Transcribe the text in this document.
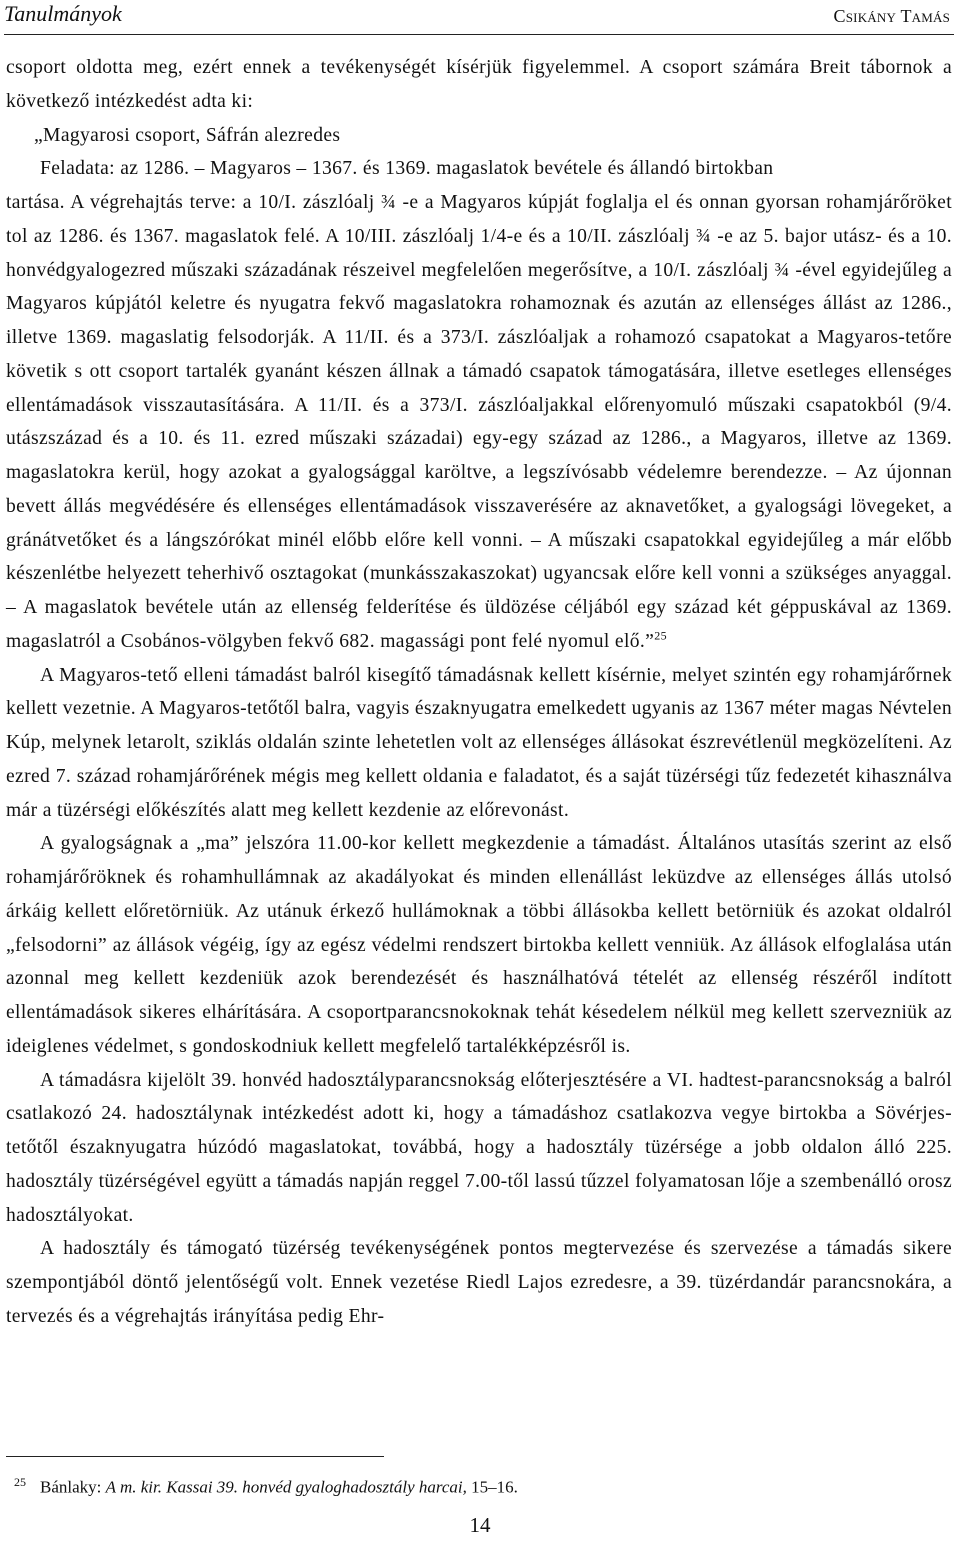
Tanulmányok	Csikány Tamás

csoport oldotta meg, ezért ennek a tevékenységét kísérjük figyelemmel. A csoport számára Breit tábornok a következő intézkedést adta ki:

„Magyarosi csoport, Sáfrán alezredes
Feladata: az 1286. – Magyaros – 1367. és 1369. magaslatok bevétele és állandó birtokban
tartása. A végrehajtás terve: a 10/I. zászlóalj ¾ -e a Magyaros kúpját foglalja el és onnan gyorsan rohamjárőröket tol az 1286. és 1367. magaslatok felé. A 10/III. zászlóalj 1/4-e és a 10/II. zászlóalj ¾ -e az 5. bajor utász- és a 10. honvédgyalogezred műszaki századának részeivel megfelelően megerősítve, a 10/I. zászlóalj ¾ -ével egyidejűleg a Magyaros kúpjától keletre és nyugatra fekvő magaslatokra rohamoznak és azután az ellenséges állást az 1286., illetve 1369. magaslatig felsodorják. A 11/II. és a 373/I. zászlóaljak a rohamozó csapatokat a Magyaros-tetőre követik s ott csoport tartalék gyanánt készen állnak a támadó csapatok támogatására, illetve esetleges ellenséges ellentámadások visszautasítására. A 11/II. és a 373/I. zászlóaljakkal előrenyomuló műszaki csapatokból (9/4. utászszázad és a 10. és 11. ezred műszaki századai) egy-egy század az 1286., a Magyaros, illetve az 1369. magaslatokra kerül, hogy azokat a gyalogsággal karöltve, a legszívósabb védelemre berendezze. – Az újonnan bevett állás megvédésére és ellenséges ellentámadások visszaverésére az aknavetőket, a gyalogsági lövegeket, a gránátvetőket és a lángszórókat minél előbb előre kell vonni. – A műszaki csapatokkal egyidejűleg a már előbb készenlétbe helyezett teherhivő osztagokat (munkásszakaszokat) ugyancsak előre kell vonni a szükséges anyaggal. – A magaslatok bevétele után az ellenség felderítése és üldözése céljából egy század két géppuskával az 1369. magaslatról a Csobános-völgyben fekvő 682. magassági pont felé nyomul elő.”$^{25}$

A Magyaros-tető elleni támadást balról kisegítő támadásnak kellett kísérnie, melyet szintén egy rohamjárőrnek kellett vezetnie. A Magyaros-tetőtől balra, vagyis északnyugatra emelkedett ugyanis az 1367 méter magas Névtelen Kúp, melynek letarolt, sziklás oldalán szinte lehetetlen volt az ellenséges állásokat észrevétlenül megközelíteni. Az ezred 7. század rohamjárőrének mégis meg kellett oldania e faladatot, és a saját tüzérségi tűz fedezetét kihasználva már a tüzérségi előkészítés alatt meg kellett kezdenie az előrevonást.

A gyalogságnak a „ma” jelszóra 11.00-kor kellett megkezdenie a támadást. Általános utasítás szerint az első rohamjárőröknek és rohamhullámnak az akadályokat és minden ellenállást leküzdve az ellenséges állás utolsó árkáig kellett előretörniük. Az utánuk érkező hullámoknak a többi állásokba kellett betörniük és azokat oldalról „felsodorni” az állások végéig, így az egész védelmi rendszert birtokba kellett venniük. Az állások elfoglalása után azonnal meg kellett kezdeniük azok berendezését és használhatóvá tételét az ellenség részéről indított ellentámadások sikeres elhárítására. A csoportparancsnokoknak tehát késedelem nélkül meg kellett szervezniük az ideiglenes védelmet, s gondoskodniuk kellett megfelelő tartalékképzésről is.

A támadásra kijelölt 39. honvéd hadosztályparancsnokság előterjesztésére a VI. hadtest-parancsnokság a balról csatlakozó 24. hadosztálynak intézkedést adott ki, hogy a támadáshoz csatlakozva vegye birtokba a Sövérjes-tetőtől északnyugatra húzódó magaslatokat, továbbá, hogy a hadosztály tüzérsége a jobb oldalon álló 225. hadosztály tüzérségével együtt a támadás napján reggel 7.00-től lassú tűzzel folyamatosan lője a szembenálló orosz hadosztályokat.

A hadosztály és támogató tüzérség tevékenységének pontos megtervezése és szervezése a támadás sikere szempontjából döntő jelentőségű volt. Ennek vezetése Riedl Lajos ezredesre, a 39. tüzérdandár parancsnokára, a tervezés és a végrehajtás irányítása pedig Ehr-

$^{25}$ Bánlaky: A m. kir. Kassai 39. honvéd gyaloghadosztály harcai, 15–16.
14
